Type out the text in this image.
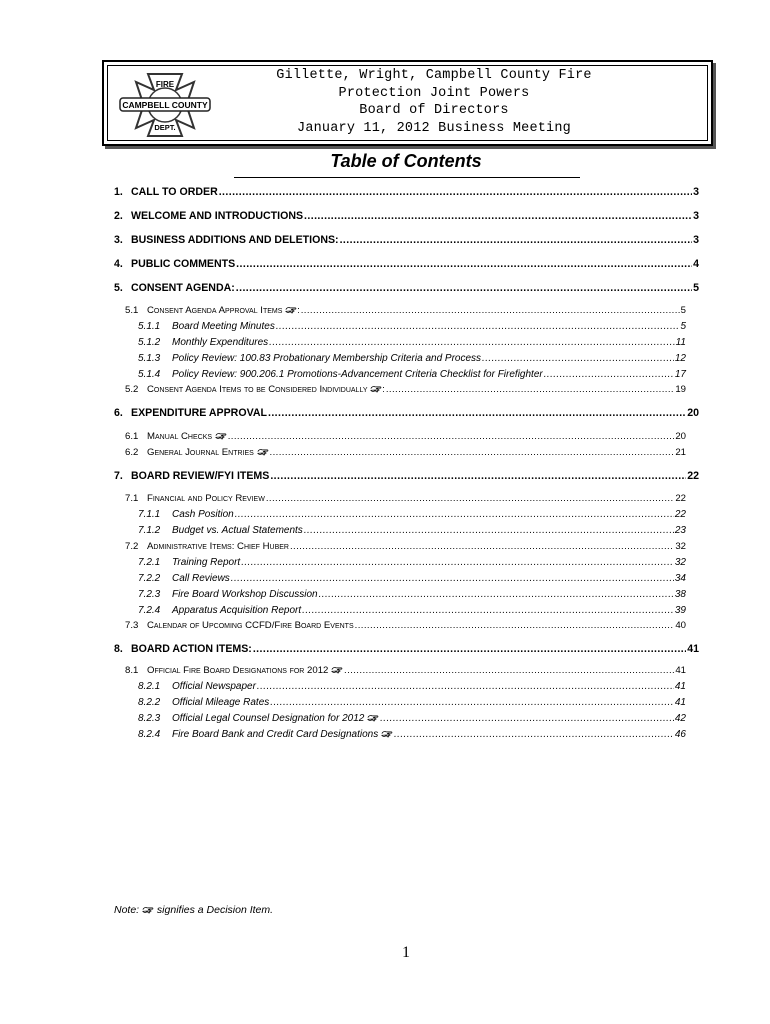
FIRE
CAMPBELL COUNTY
DEPT.
Gillette, Wright, Campbell County Fire
Protection Joint Powers
Board of Directors
January 11, 2012 Business Meeting
Table of Contents
1. CALL TO ORDER .....	3
2. WELCOME AND INTRODUCTIONS .....	3
3. BUSINESS ADDITIONS AND DELETIONS: .....	3
4. PUBLIC COMMENTS .....	4
5. CONSENT AGENDA: .....	5
5.1 Consent Agenda Approval Items : .....	5
5.1.1	Board Meeting Minutes .....	5
5.1.2	Monthly Expenditures .....	11
5.1.3	Policy Review: 100.83 Probationary Membership Criteria and Process .....	12
5.1.4	Policy Review: 900.206.1 Promotions-Advancement Criteria Checklist for Firefighter .....	17
5.2 Consent Agenda Items to be Considered Individually : .....	19
6. EXPENDITURE APPROVAL .....	20
6.1 Manual Checks .....	20
6.2 General Journal Entries .....	21
7. BOARD REVIEW/FYI ITEMS .....	22
7.1 Financial and Policy Review .....	22
7.1.1	Cash Position .....	22
7.1.2	Budget vs. Actual Statements .....	23
7.2 Administrative Items: Chief Huber .....	32
7.2.1	Training Report .....	32
7.2.2	Call Reviews .....	34
7.2.3	Fire Board Workshop Discussion .....	38
7.2.4	Apparatus Acquisition Report .....	39
7.3 Calendar of Upcoming CCFD/Fire Board Events .....	40
8. BOARD ACTION ITEMS: .....	41
8.1 Official Fire Board Designations for 2012 .....	41
8.2.1	Official Newspaper .....	41
8.2.2	Official Mileage Rates .....	41
8.2.3	Official Legal Counsel Designation for 2012 .....	42
8.2.4	Fire Board Bank and Credit Card Designations .....	46
Note:  signifies a Decision Item.
1
